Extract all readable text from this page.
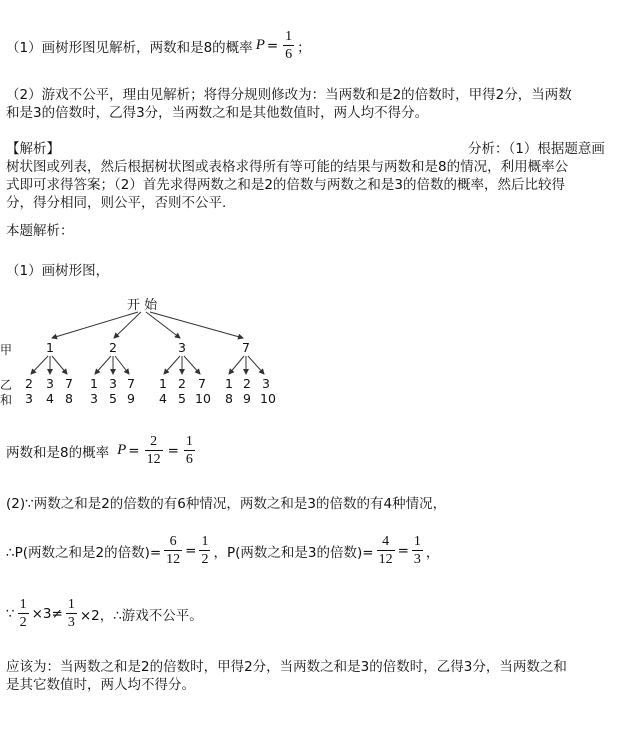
（1）画树形图见解析，两数和是8的概率 $P = \frac{1}{6}$ ；
（2）游戏不公平，理由见解析；将得分规则修改为：当两数和是2的倍数时，甲得2分，当两数
和是3的倍数时，乙得3分，当两数之和是其他数值时，两人均不得分。
【解析】	分析：（1）根据题意画
树状图或列表，然后根据树状图或表格求得所有等可能的结果与两数和是8的情况，利用概率公
式即可求得答案；（2）首先求得两数之和是2的倍数与两数之和是3的倍数的概率，然后比较得
分，得分相同，则公平，否则不公平.
本题解析：
（1）画树形图，
开 始
甲
乙
和
1	2	3	7
2 3 7 1 3 7 1 2 7 1 2 3
3 4 8 3 5 9 4 5 10 8 9 10
两数和是8的概率 $P = \frac{2}{12} = \frac{1}{6}$
(2)∵两数之和是2的倍数的有6种情况，两数之和是3的倍数的有4种情况，
∴P(两数之和是2的倍数)= $\frac{6}{12} = \frac{1}{2}$ ，P(两数之和是3的倍数)= $\frac{4}{12} = \frac{1}{3}$ ，
∵ $\frac{1}{2} \times 3\ne \frac{1}{3} \times 2$，∴游戏不公平。
应该为：当两数之和是2的倍数时，甲得2分，当两数之和是3的倍数时，乙得3分，当两数之和
是其它数值时，两人均不得分。
